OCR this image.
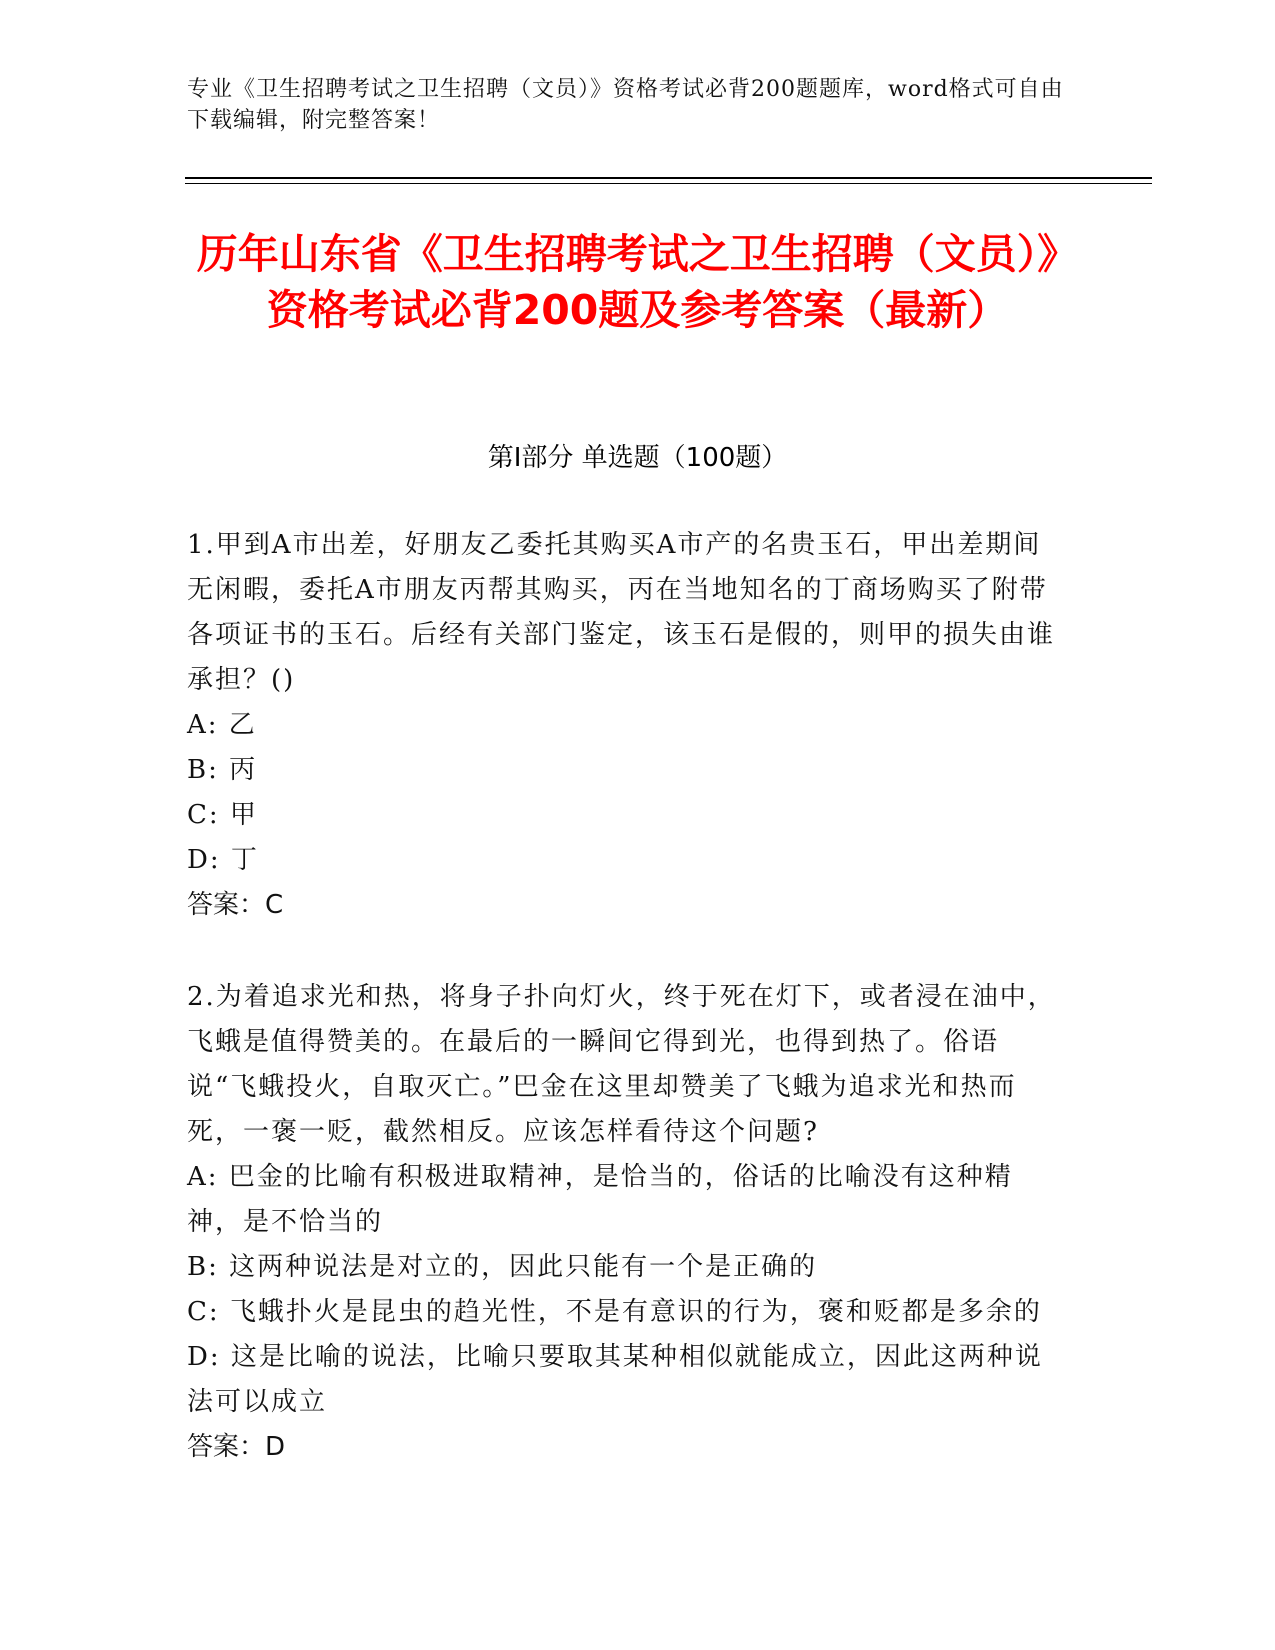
专业《卫生招聘考试之卫生招聘（文员）》资格考试必背200题题库，word格式可自由下载编辑，附完整答案！
历年山东省《卫生招聘考试之卫生招聘（文员）》资格考试必背200题及参考答案（最新）
第I部分 单选题（100题）

1.甲到A市出差，好朋友乙委托其购买A市产的名贵玉石，甲出差期间无闲暇，委托A市朋友丙帮其购买，丙在当地知名的丁商场购买了附带各项证书的玉石。后经有关部门鉴定，该玉石是假的，则甲的损失由谁承担？()

A: 乙

B: 丙

C: 甲

D: 丁

答案：C

2.为着追求光和热，将身子扑向灯火，终于死在灯下，或者浸在油中，飞蛾是值得赞美的。在最后的一瞬间它得到光，也得到热了。俗语说“飞蛾投火，自取灭亡。”巴金在这里却赞美了飞蛾为追求光和热而死，一褒一贬，截然相反。应该怎样看待这个问题?

A: 巴金的比喻有积极进取精神，是恰当的，俗话的比喻没有这种精神，是不恰当的

B: 这两种说法是对立的，因此只能有一个是正确的

C: 飞蛾扑火是昆虫的趋光性，不是有意识的行为，褒和贬都是多余的

D: 这是比喻的说法，比喻只要取其某种相似就能成立，因此这两种说法可以成立

答案：D
